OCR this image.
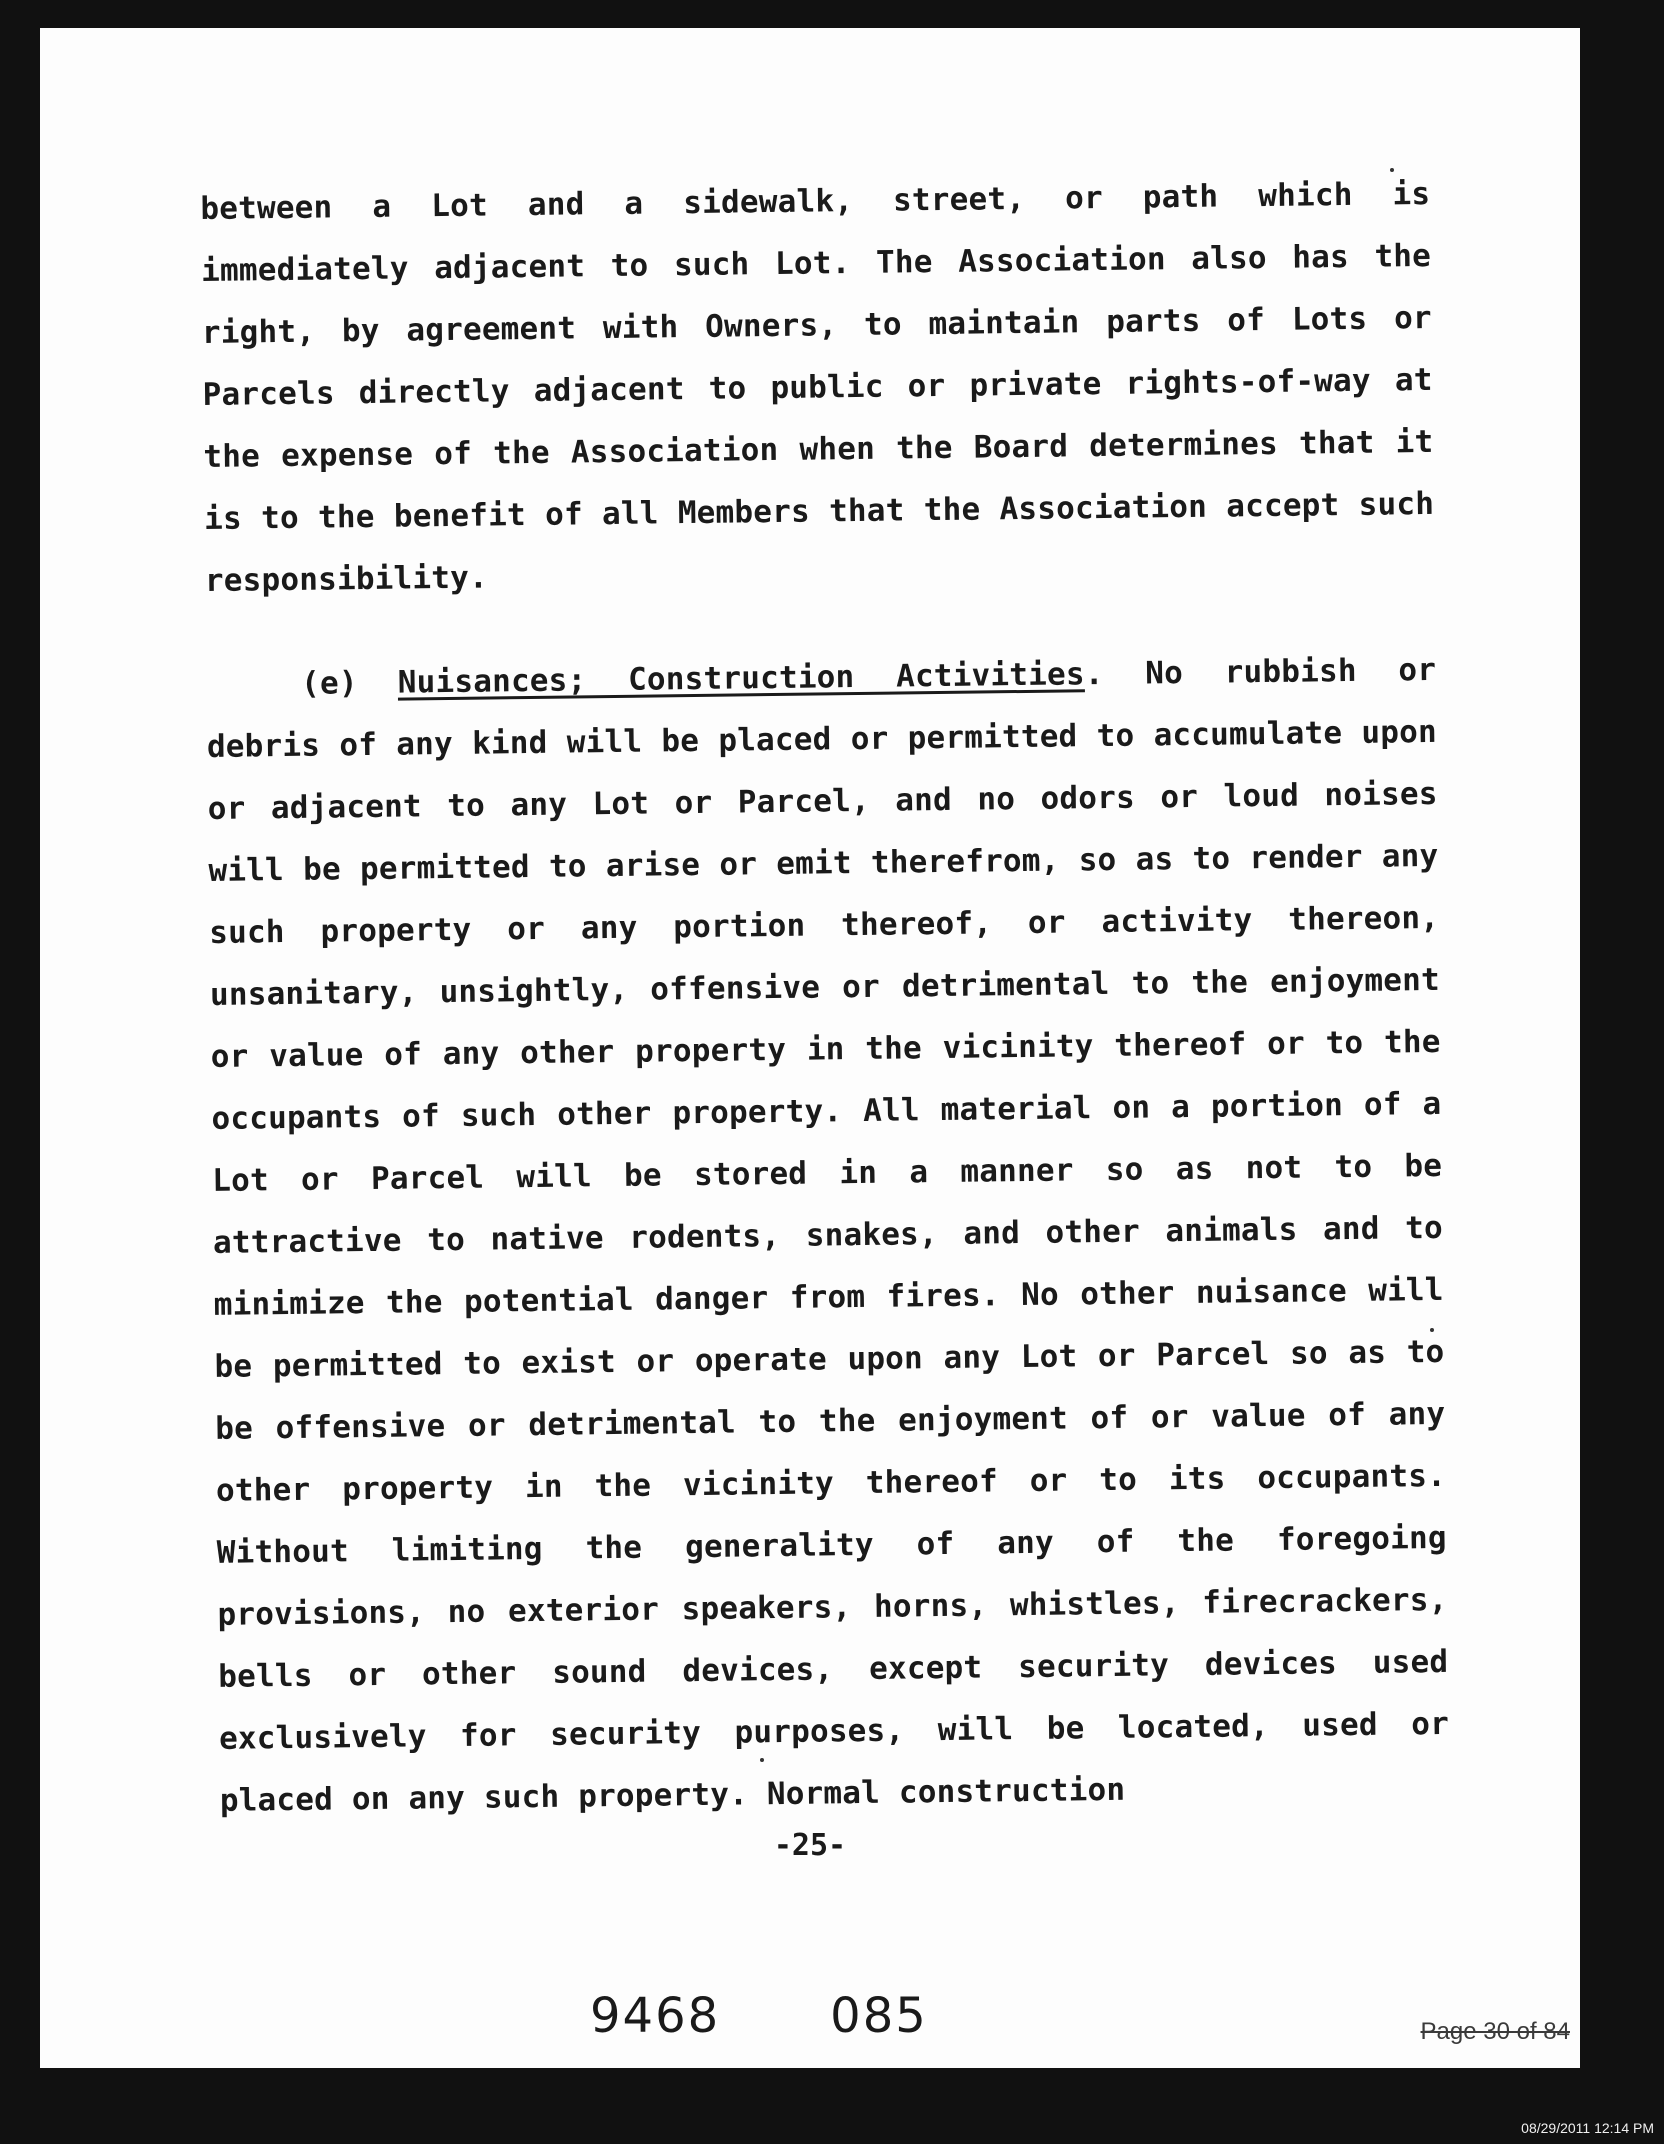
between a Lot and a sidewalk, street, or path which is immediately adjacent to such Lot. The Association also has the right, by agreement with Owners, to maintain parts of Lots or Parcels directly adjacent to public or private rights-of-way at the expense of the Association when the Board determines that it is to the benefit of all Members that the Association accept such responsibility.

(e) Nuisances; Construction Activities. No rubbish or debris of any kind will be placed or permitted to accumulate upon or adjacent to any Lot or Parcel, and no odors or loud noises will be permitted to arise or emit therefrom, so as to render any such property or any portion thereof, or activity thereon, unsanitary, unsightly, offensive or detrimental to the enjoyment or value of any other property in the vicinity thereof or to the occupants of such other property. All material on a portion of a Lot or Parcel will be stored in a manner so as not to be attractive to native rodents, snakes, and other animals and to minimize the potential danger from fires. No other nuisance will be permitted to exist or operate upon any Lot or Parcel so as to be offensive or detrimental to the enjoyment of or value of any other property in the vicinity thereof or to its occupants. Without limiting the generality of any of the foregoing provisions, no exterior speakers, horns, whistles, firecrackers, bells or other sound devices, except security devices used exclusively for security purposes, will be located, used or placed on any such property. Normal construction

-25-
9468 085	Page 30 of 84
08/29/2011 12:14 PM
